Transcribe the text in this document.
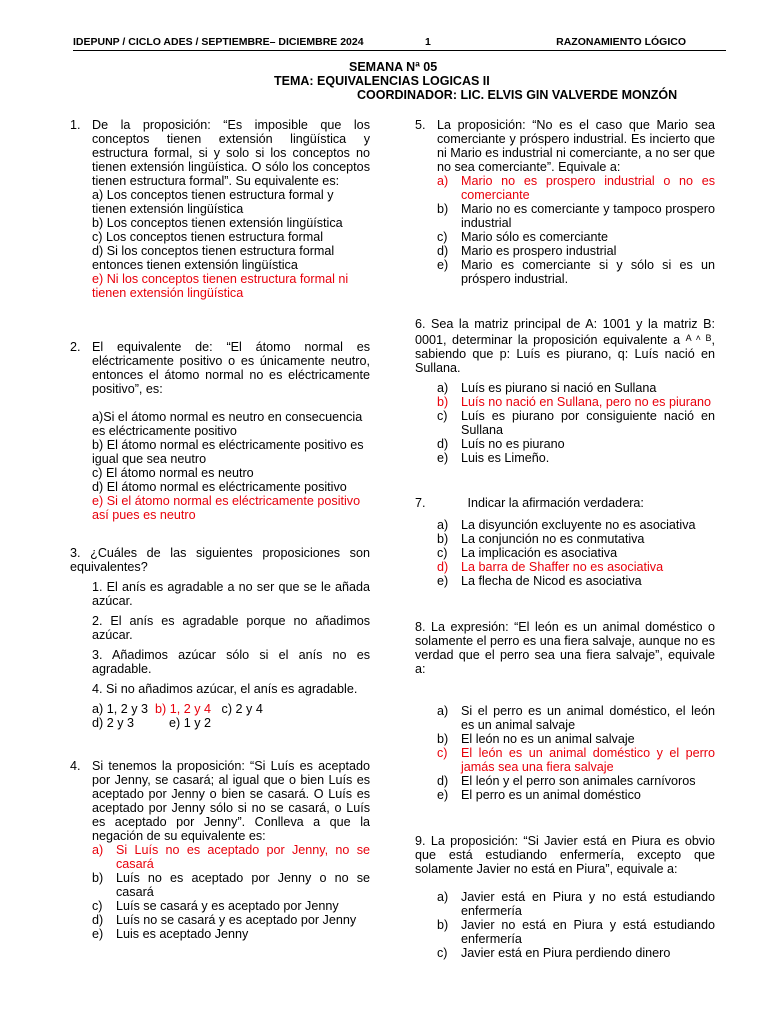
IDEPUNP / CICLO ADES / SEPTIEMBRE– DICIEMBRE 2024	1	RAZONAMIENTO LÓGICO
SEMANA Nª 05
TEMA: EQUIVALENCIAS LOGICAS II
COORDINADOR: LIC. ELVIS GIN VALVERDE MONZÓN
1. De la proposición: “Es imposible que los conceptos tienen extensión lingüística y estructura formal, si y solo si los conceptos no tienen extensión lingüística. O sólo los conceptos tienen estructura formal”. Su equivalente es:
a) Los conceptos tienen estructura formal y tienen extensión lingüística
b) Los conceptos tienen extensión lingüística
c) Los conceptos tienen estructura formal
d) Si los conceptos tienen estructura formal entonces tienen extensión lingüística
e) Ni los conceptos tienen estructura formal ni tienen extensión lingüística
2. El equivalente de: “El átomo normal es eléctricamente positivo o es únicamente neutro, entonces el átomo normal no es eléctricamente positivo”, es:
a)Si el átomo normal es neutro en consecuencia es eléctricamente positivo
b) El átomo normal es eléctricamente positivo es igual que sea neutro
c) El átomo normal es neutro
d) El átomo normal es eléctricamente positivo
e) Si el átomo normal es eléctricamente positivo así pues es neutro
3. ¿Cuáles de las siguientes proposiciones son equivalentes?
1. El anís es agradable a no ser que se le añada azúcar.
2. El anís es agradable porque no añadimos azúcar.
3. Añadimos azúcar sólo si el anís no es agradable.
4. Si no añadimos azúcar, el anís es agradable.
a) 1, 2 y 3 b) 1, 2 y 4 c) 2 y 4
d) 2 y 3	e) 1 y 2
4. Si tenemos la proposición: “Si Luís es aceptado por Jenny, se casará; al igual que o bien Luís es aceptado por Jenny o bien se casará. O Luís es aceptado por Jenny sólo si no se casará, o Luís es aceptado por Jenny”. Conlleva a que la negación de su equivalente es:
a) Si Luís no es aceptado por Jenny, no se casará
b) Luís no es aceptado por Jenny o no se casará
c) Luís se casará y es aceptado por Jenny
d) Luís no se casará y es aceptado por Jenny
e) Luis es aceptado Jenny
5. La proposición: “No es el caso que Mario sea comerciante y próspero industrial. Es incierto que ni Mario es industrial ni comerciante, a no ser que no sea comerciante”. Equivale a:
a) Mario no es prospero industrial o no es comerciante
b) Mario no es comerciante y tampoco prospero industrial
c) Mario sólo es comerciante
d) Mario es prospero industrial
e) Mario es comerciante si y sólo si es un próspero industrial.
6. Sea la matriz principal de A: 1001 y la matriz B: 0001, determinar la proposición equivalente a $^{A ˄ B}$, sabiendo que p: Luís es piurano, q: Luís nació en Sullana.
a) Luís es piurano si nació en Sullana
b) Luís no nació en Sullana, pero no es piurano
c) Luís es piurano por consiguiente nació en Sullana
d) Luís no es piurano
e) Luis es Limeño.
7.            Indicar la afirmación verdadera:
a) La disyunción excluyente no es asociativa
b) La conjunción no es conmutativa
c) La implicación es asociativa
d) La barra de Shaffer no es asociativa
e) La flecha de Nicod es asociativa
8. La expresión: “El león es un animal doméstico o solamente el perro es una fiera salvaje, aunque no es verdad que el perro sea una fiera salvaje”, equivale a:
a) Si el perro es un animal doméstico, el león es un animal salvaje
b) El león no es un animal salvaje
c) El león es un animal doméstico y el perro jamás sea una fiera salvaje
d) El león y el perro son animales carnívoros
e) El perro es un animal doméstico
9. La proposición: “Si Javier está en Piura es obvio que está estudiando enfermería, excepto que solamente Javier no está en Piura”, equivale a:
a) Javier está en Piura y no está estudiando enfermería
b) Javier no está en Piura y está estudiando enfermería
c) Javier está en Piura perdiendo dinero
